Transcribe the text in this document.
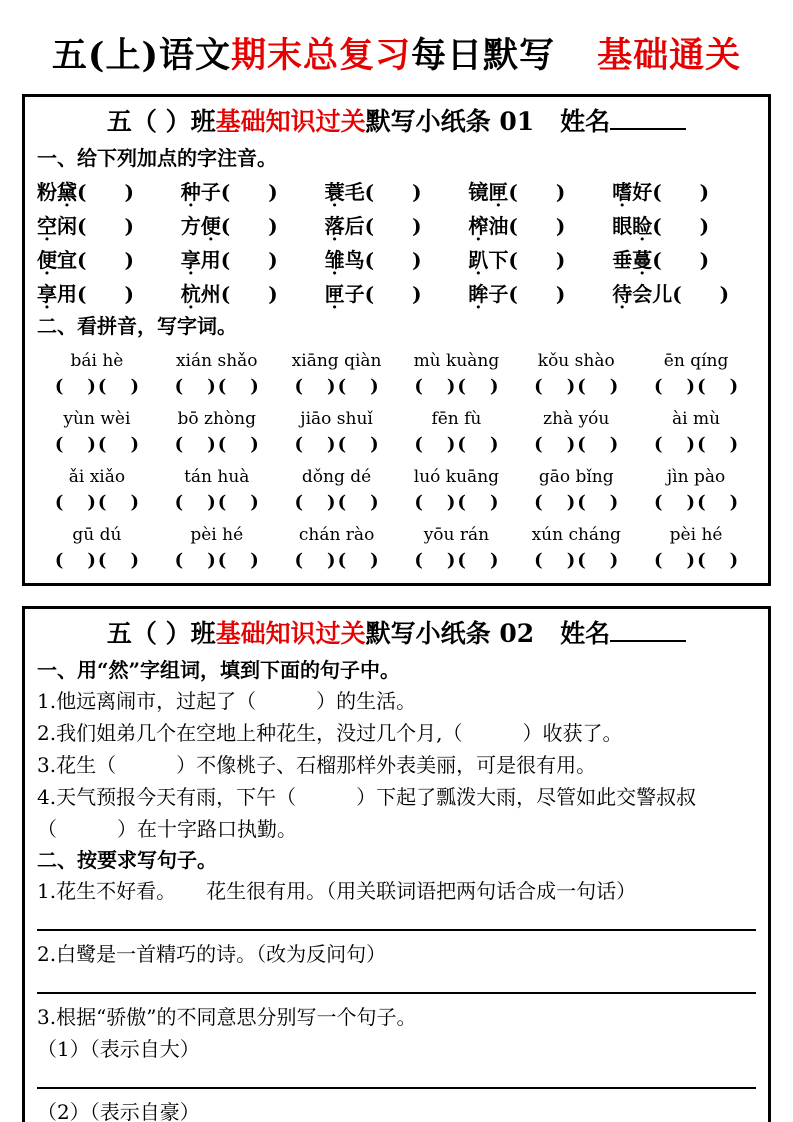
五(上)语文期末总复习每日默写 基础通关
五（ ）班基础知识过关默写小纸条 01 姓名
一、给下列加点的字注音。
粉黛( )	种子( )	蓑毛( )	镜匣( )	嗜好( )
空闲( )	方便( )	落后( )	榨油( )	眼睑( )
便宜( )	享用( )	雏鸟( )	趴下( )	垂蔓( )
享用( )	杭州( )	匣子( )	眸子( )	待会儿( )
二、看拼音，写字词。
bái hè	xián shǎo	xiāng qiàn	mù kuàng	kǒu shào	ēn qíng
( ) ( )	( ) ( )	( ) ( )	( ) ( )	( ) ( )	( ) ( )
yùn wèi	bō zhòng	jiāo shuǐ	fēn fù	zhà yóu	ài mù
( ) ( )	( ) ( )	( ) ( )	( ) ( )	( ) ( )	( ) ( )
ǎi xiǎo	tán huà	dǒng dé	luó kuāng	gāo bǐng	jìn pào
( ) ( )	( ) ( )	( ) ( )	( ) ( )	( ) ( )	( ) ( )
gū dú	pèi hé	chán rào	yōu rán	xún cháng	pèi hé
( ) ( )	( ) ( )	( ) ( )	( ) ( )	( ) ( )	( ) ( )
五（ ）班基础知识过关默写小纸条 02 姓名
一、用“然”字组词，填到下面的句子中。
1.他远离闹市，过起了（　　　）的生活。
2.我们姐弟几个在空地上种花生，没过几个月,（　　　）收获了。
3.花生（　　　）不像桃子、石榴那样外表美丽，可是很有用。
4.天气预报今天有雨，下午（　　　）下起了瓢泼大雨，尽管如此交警叔叔（　　　）在十字路口执勤。
二、按要求写句子。
1.花生不好看。　　花生很有用。（用关联词语把两句话合成一句话）
2.白鹭是一首精巧的诗。（改为反问句）
3.根据“骄傲”的不同意思分别写一个句子。
（1）（表示自大）
（2）（表示自豪）
